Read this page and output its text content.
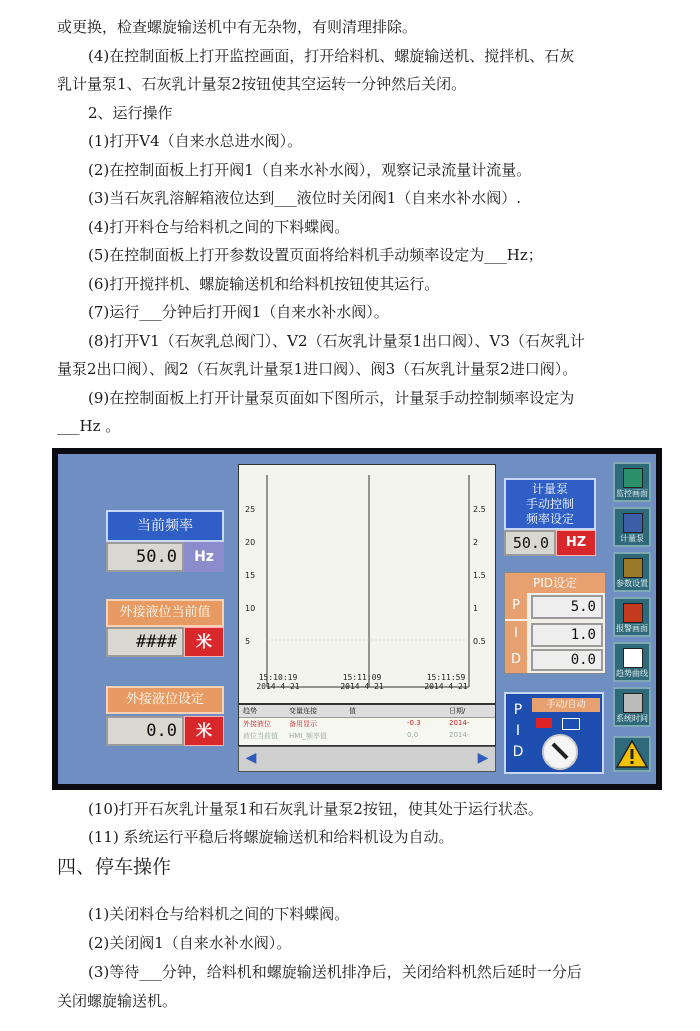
或更换，检查螺旋输送机中有无杂物，有则清理排除。
(4)在控制面板上打开监控画面，打开给料机、螺旋输送机、搅拌机、石灰
乳计量泵1、石灰乳计量泵2按钮使其空运转一分钟然后关闭。
2、运行操作
(1)打开V4（自来水总进水阀）。
(2)在控制面板上打开阀1（自来水补水阀），观察记录流量计流量。
(3)当石灰乳溶解箱液位达到___液位时关闭阀1（自来水补水阀）.
(4)打开料仓与给料机之间的下料蝶阀。
(5)在控制面板上打开参数设置页面将给料机手动频率设定为___Hz；
(6)打开搅拌机、螺旋输送机和给料机按钮使其运行。
(7)运行___分钟后打开阀1（自来水补水阀）。
(8)打开V1（石灰乳总阀门）、V2（石灰乳计量泵1出口阀）、V3（石灰乳计
量泵2出口阀）、阀2（石灰乳计量泵1进口阀）、阀3（石灰乳计量泵2进口阀）。
(9)在控制面板上打开计量泵页面如下图所示，计量泵手动控制频率设定为
___Hz 。
当前频率
50.0	Hz
外接液位当前值
####	米
外接液位设定
0.0	米
25
20
15
10
5
2.5
2
1.5
1
0.5
15:10:19
2014-4-21
15:11:09
2014-4-21
15:11:59
2014-4-21
趋势	变量连接	值	日期/
外接液位	备用显示	-0.3	2014-
液位当前值 HMI_频率值	0.0	2014-
◀	▶
计量泵
手动控制
频率设定
50.0	HZ
PID设定
P	5.0
I	1.0
D	0.0
P
I
D
手动/自动
监控画面
计量泵
参数设置
报警画面
趋势曲线
系统时间
(10)打开石灰乳计量泵1和石灰乳计量泵2按钮，使其处于运行状态。
(11) 系统运行平稳后将螺旋输送机和给料机设为自动。
四、停车操作
(1)关闭料仓与给料机之间的下料蝶阀。
(2)关闭阀1（自来水补水阀）。
(3)等待___分钟，给料机和螺旋输送机排净后，关闭给料机然后延时一分后
关闭螺旋输送机。
